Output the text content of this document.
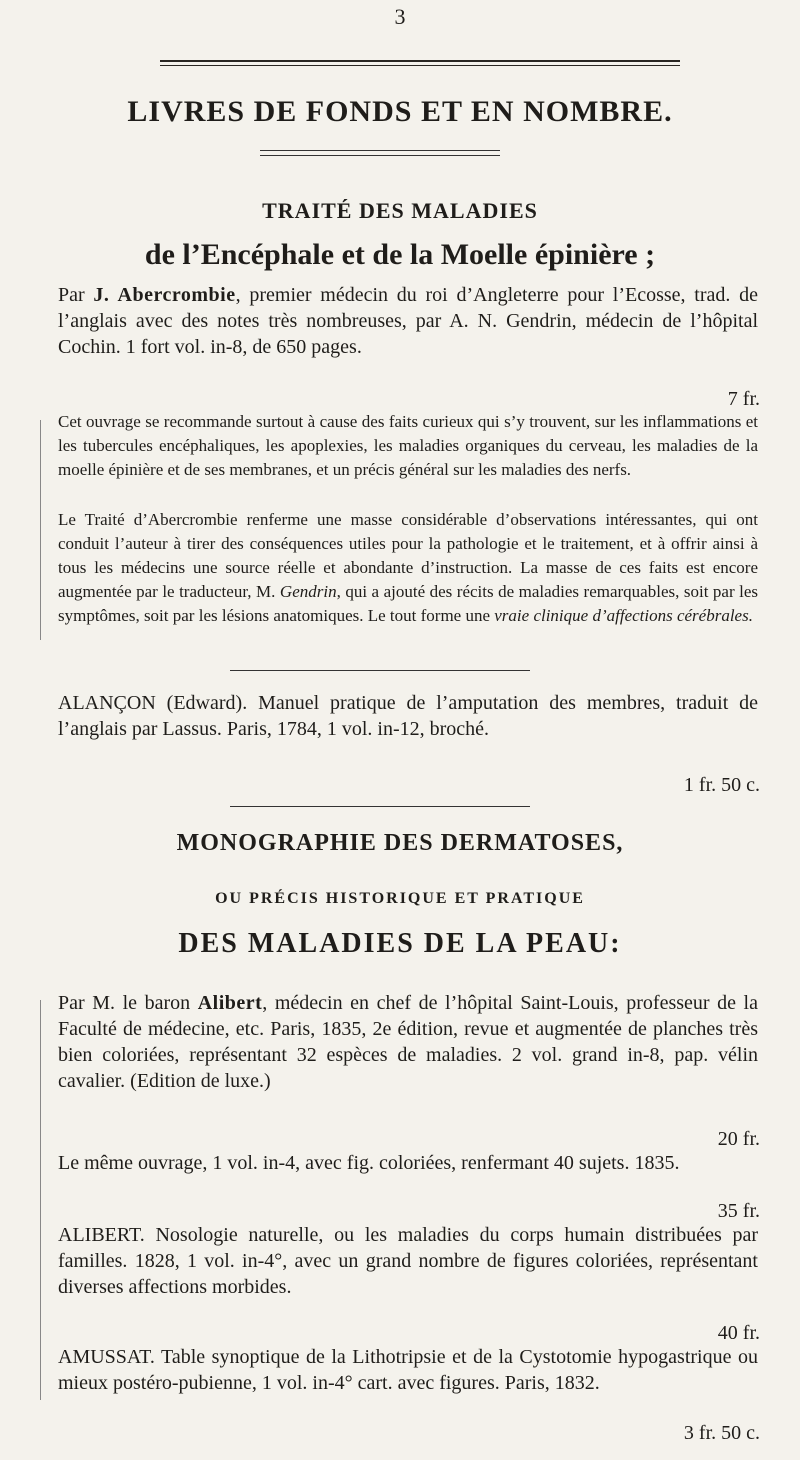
3
LIVRES DE FONDS ET EN NOMBRE.
TRAITÉ DES MALADIES
de l’Encéphale et de la Moelle épinière ;
Par J. Abercrombie, premier médecin du roi d’Angleterre pour l’Ecosse, trad. de l’anglais avec des notes très nombreuses, par A. N. Gendrin, médecin de l’hôpital Cochin. 1 fort vol. in-8, de 650 pages.
7 fr.
Cet ouvrage se recommande surtout à cause des faits curieux qui s’y trouvent, sur les inflammations et les tubercules encéphaliques, les apoplexies, les maladies organiques du cerveau, les maladies de la moelle épinière et de ses membranes, et un précis général sur les maladies des nerfs.
Le Traité d’Abercrombie renferme une masse considérable d’observations intéressantes, qui ont conduit l’auteur à tirer des conséquences utiles pour la pathologie et le traitement, et à offrir ainsi à tous les médecins une source réelle et abondante d’instruction. La masse de ces faits est encore augmentée par le traducteur, M. Gendrin, qui a ajouté des récits de maladies remarquables, soit par les symptômes, soit par les lésions anatomiques. Le tout forme une vraie clinique d’affections cérébrales.
ALANÇON (Edward). Manuel pratique de l’amputation des membres, traduit de l’anglais par Lassus. Paris, 1784, 1 vol. in-12, broché.
1 fr. 50 c.
MONOGRAPHIE DES DERMATOSES,
OU PRÉCIS HISTORIQUE ET PRATIQUE
DES MALADIES DE LA PEAU:
Par M. le baron Alibert, médecin en chef de l’hôpital Saint-Louis, professeur de la Faculté de médecine, etc. Paris, 1835, 2e édition, revue et augmentée de planches très bien coloriées, représentant 32 espèces de maladies. 2 vol. grand in-8, pap. vélin cavalier. (Edition de luxe.)
20 fr.
Le même ouvrage, 1 vol. in-4, avec fig. coloriées, renfermant 40 sujets. 1835.
35 fr.
ALIBERT. Nosologie naturelle, ou les maladies du corps humain distribuées par familles. 1828, 1 vol. in-4°, avec un grand nombre de figures coloriées, représentant diverses affections morbides.
40 fr.
AMUSSAT. Table synoptique de la Lithotripsie et de la Cystotomie hypogastrique ou mieux postéro-pubienne, 1 vol. in-4° cart. avec figures. Paris, 1832.
3 fr. 50 c.
